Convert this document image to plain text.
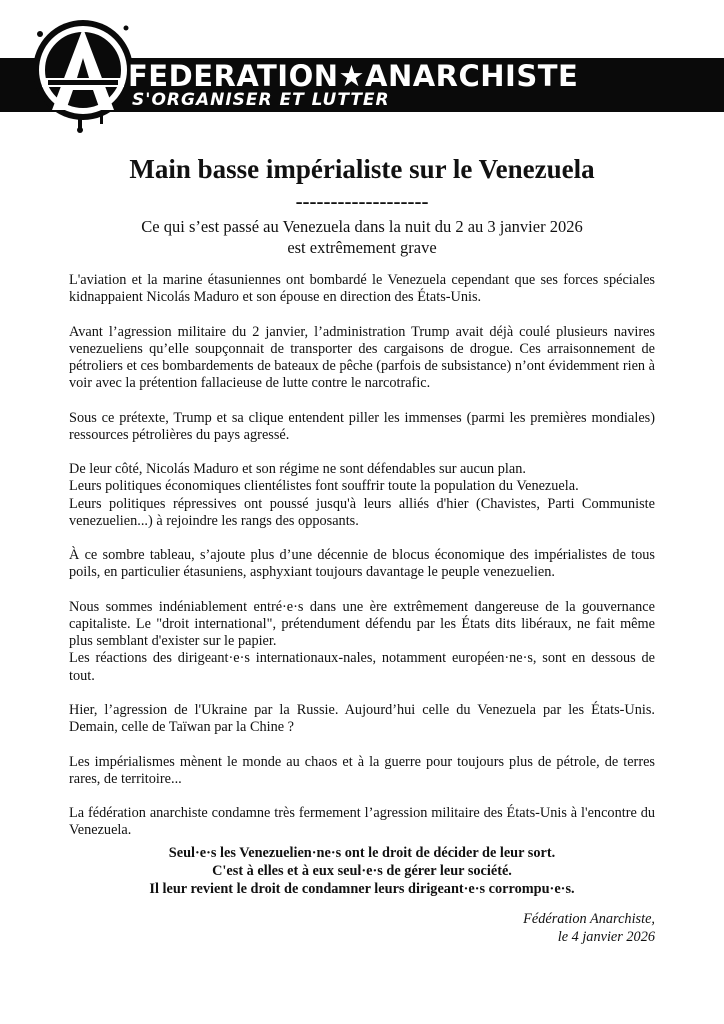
FEDERATION★ANARCHISTE
S'ORGANISER ET LUTTER
Main basse impérialiste sur le Venezuela
-------------------
Ce qui s’est passé au Venezuela dans la nuit du 2 au 3 janvier 2026
est extrêmement grave

L'aviation et la marine étasuniennes ont bombardé le Venezuela cependant que ses forces spéciales kidnappaient Nicolás Maduro et son épouse en direction des États-Unis.

Avant l’agression militaire du 2 janvier, l’administration Trump avait déjà coulé plusieurs navires venezueliens qu’elle soupçonnait de transporter des cargaisons de drogue. Ces arraisonnement de pétroliers et ces bombardements de bateaux de pêche (parfois de subsistance) n’ont évidemment rien à voir avec la prétention fallacieuse de lutte contre le narcotrafic.

Sous ce prétexte, Trump et sa clique entendent piller les immenses (parmi les premières mondiales) ressources pétrolières du pays agressé.

De leur côté, Nicolás Maduro et son régime ne sont défendables sur aucun plan.
Leurs politiques économiques clientélistes font souffrir toute la population du Venezuela.
Leurs politiques répressives ont poussé jusqu'à leurs alliés d'hier (Chavistes, Parti Communiste venezuelien...) à rejoindre les rangs des opposants.

À ce sombre tableau, s’ajoute plus d’une décennie de blocus économique des impérialistes de tous poils, en particulier étasuniens, asphyxiant toujours davantage le peuple venezuelien.

Nous sommes indéniablement entré·e·s dans une ère extrêmement dangereuse de la gouvernance capitaliste. Le "droit international", prétendument défendu par les États dits libéraux, ne fait même plus semblant d'exister sur le papier.
Les réactions des dirigeant·e·s internationaux-nales, notamment européen·ne·s, sont en dessous de tout.

Hier, l’agression de l'Ukraine par la Russie. Aujourd’hui celle du Venezuela par les États-Unis. Demain, celle de Taïwan par la Chine ?

Les impérialismes mènent le monde au chaos et à la guerre pour toujours plus de pétrole, de terres rares, de territoire...

La fédération anarchiste condamne très fermement l’agression militaire des États-Unis à l'encontre du Venezuela.

Seul·e·s les Venezuelien·ne·s ont le droit de décider de leur sort.
C'est à elles et à eux seul·e·s de gérer leur société.
Il leur revient le droit de condamner leurs dirigeant·e·s corrompu·e·s.
Fédération Anarchiste,
le 4 janvier 2026
